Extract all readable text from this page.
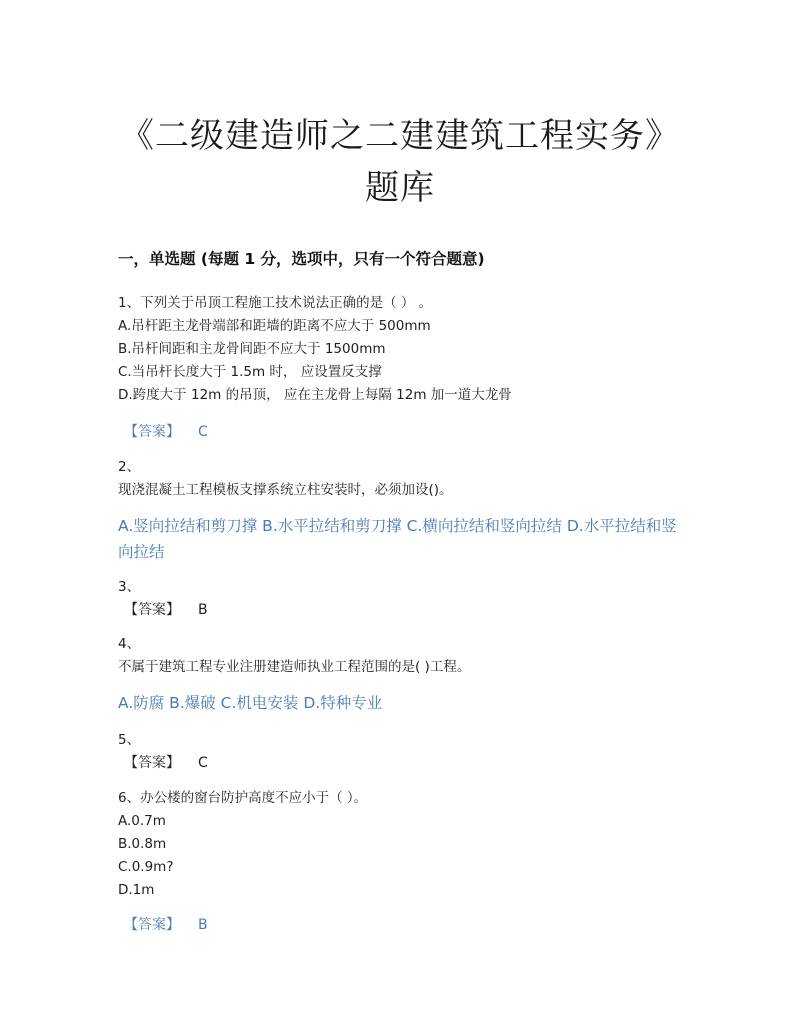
《二级建造师之二建建筑工程实务》
题库
一，单选题 (每题 1 分，选项中，只有一个符合题意)
1、下列关于吊顶工程施工技术说法正确的是（ ） 。
A.吊杆距主龙骨端部和距墙的距离不应大于 500mm
B.吊杆间距和主龙骨间距不应大于 1500mm
C.当吊杆长度大于 1.5m 时， 应设置反支撑
D.跨度大于 12m 的吊顶， 应在主龙骨上每隔 12m 加一道大龙骨
【答案】 C
2、
现浇混凝土工程模板支撑系统立柱安装时，必须加设()。
A.竖向拉结和剪刀撑 B.水平拉结和剪刀撑 C.横向拉结和竖向拉结 D.水平拉结和竖向拉结
3、
【答案】 B
4、
不属于建筑工程专业注册建造师执业工程范围的是( )工程。
A.防腐 B.爆破 C.机电安装 D.特种专业
5、
【答案】 C
6、办公楼的窗台防护高度不应小于（ ）。
A.0.7m
B.0.8m
C.0.9m?
D.1m
【答案】 B
